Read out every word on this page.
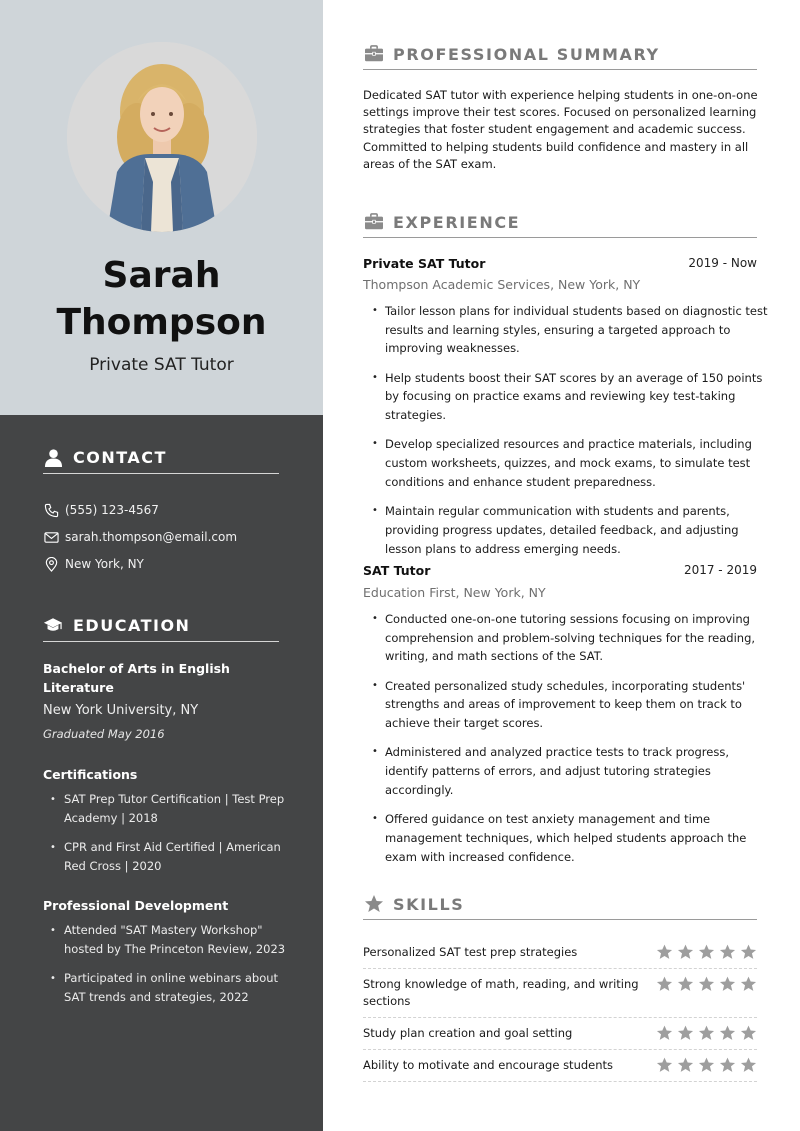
Sarah
Thompson
Private SAT Tutor
CONTACT
(555) 123-4567
sarah.thompson@email.com
New York, NY
EDUCATION
Bachelor of Arts in English Literature
New York University, NY
Graduated May 2016
Certifications
• SAT Prep Tutor Certification | Test Prep Academy | 2018
• CPR and First Aid Certified | American Red Cross | 2020
Professional Development
• Attended "SAT Mastery Workshop" hosted by The Princeton Review, 2023
• Participated in online webinars about SAT trends and strategies, 2022
PROFESSIONAL SUMMARY
Dedicated SAT tutor with experience helping students in one-on-one settings improve their test scores. Focused on personalized learning strategies that foster student engagement and academic success. Committed to helping students build confidence and mastery in all areas of the SAT exam.
EXPERIENCE
Private SAT Tutor	2019 - Now
Thompson Academic Services, New York, NY
• Tailor lesson plans for individual students based on diagnostic test results and learning styles, ensuring a targeted approach to improving weaknesses.
• Help students boost their SAT scores by an average of 150 points by focusing on practice exams and reviewing key test-taking strategies.
• Develop specialized resources and practice materials, including custom worksheets, quizzes, and mock exams, to simulate test conditions and enhance student preparedness.
• Maintain regular communication with students and parents, providing progress updates, detailed feedback, and adjusting lesson plans to address emerging needs.
SAT Tutor	2017 - 2019
Education First, New York, NY
• Conducted one-on-one tutoring sessions focusing on improving comprehension and problem-solving techniques for the reading, writing, and math sections of the SAT.
• Created personalized study schedules, incorporating students' strengths and areas of improvement to keep them on track to achieve their target scores.
• Administered and analyzed practice tests to track progress, identify patterns of errors, and adjust tutoring strategies accordingly.
• Offered guidance on test anxiety management and time management techniques, which helped students approach the exam with increased confidence.
SKILLS
Personalized SAT test prep strategies
Strong knowledge of math, reading, and writing sections
Study plan creation and goal setting
Ability to motivate and encourage students
